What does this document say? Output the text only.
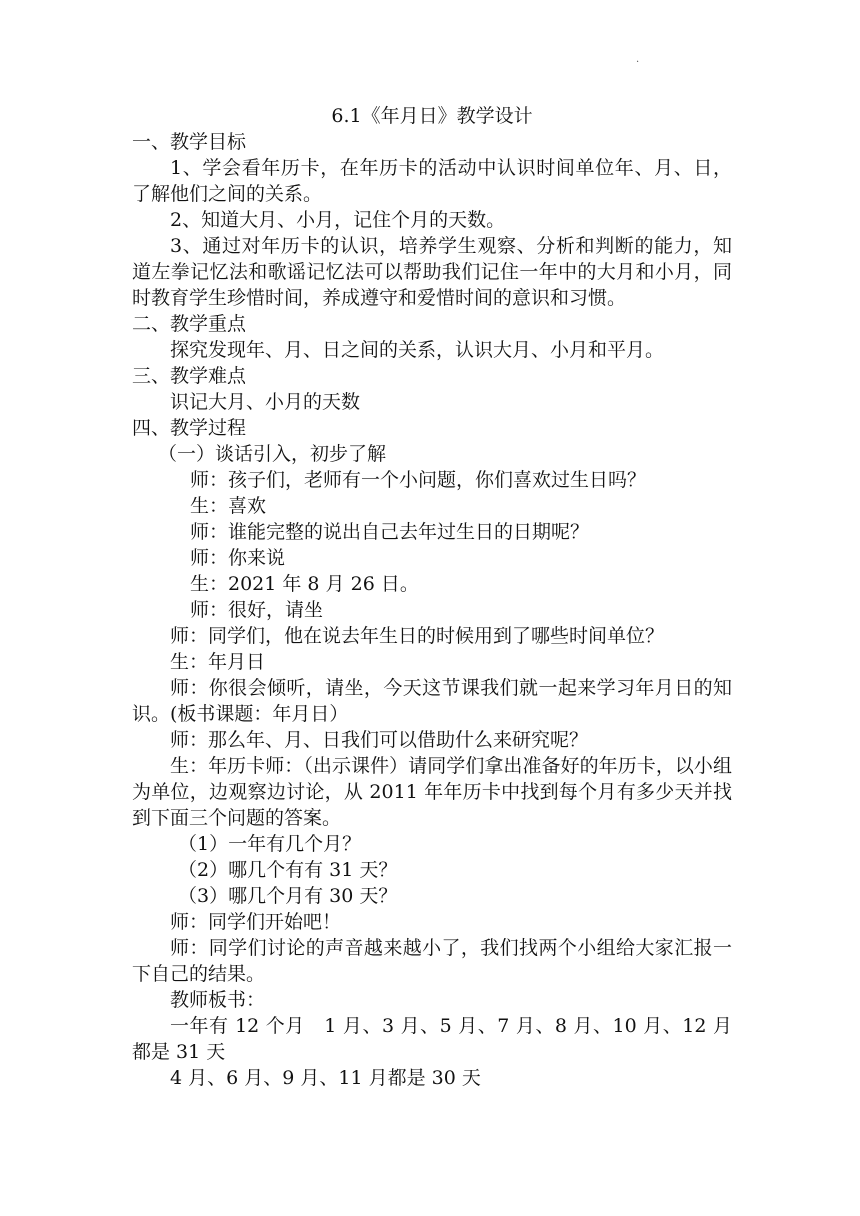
.
6.1《年月日》教学设计
一、教学目标
1、学会看年历卡，在年历卡的活动中认识时间单位年、月、日，了解他们之间的关系。
2、知道大月、小月，记住个月的天数。
3、通过对年历卡的认识，培养学生观察、分析和判断的能力，知道左拳记忆法和歌谣记忆法可以帮助我们记住一年中的大月和小月，同时教育学生珍惜时间，养成遵守和爱惜时间的意识和习惯。
二、教学重点
探究发现年、月、日之间的关系，认识大月、小月和平月。
三、教学难点
识记大月、小月的天数
四、教学过程
（一）谈话引入，初步了解
师：孩子们，老师有一个小问题，你们喜欢过生日吗？
生：喜欢
师：谁能完整的说出自己去年过生日的日期呢？
师：你来说
生：2021 年 8 月 26 日。
师：很好，请坐
师：同学们，他在说去年生日的时候用到了哪些时间单位？
生：年月日
师：你很会倾听，请坐，今天这节课我们就一起来学习年月日的知识。(板书课题：年月日）
师：那么年、月、日我们可以借助什么来研究呢？
生：年历卡师：（出示课件）请同学们拿出准备好的年历卡，以小组为单位，边观察边讨论，从 2011 年年历卡中找到每个月有多少天并找到下面三个问题的答案。
（1）一年有几个月？
（2）哪几个有有 31 天？
（3）哪几个月有 30 天？
师：同学们开始吧！
师：同学们讨论的声音越来越小了，我们找两个小组给大家汇报一下自己的结果。
教师板书：
一年有 12 个月　1 月、3 月、5 月、7 月、8 月、10 月、12 月都是 31 天
4 月、6 月、9 月、11 月都是 30 天
